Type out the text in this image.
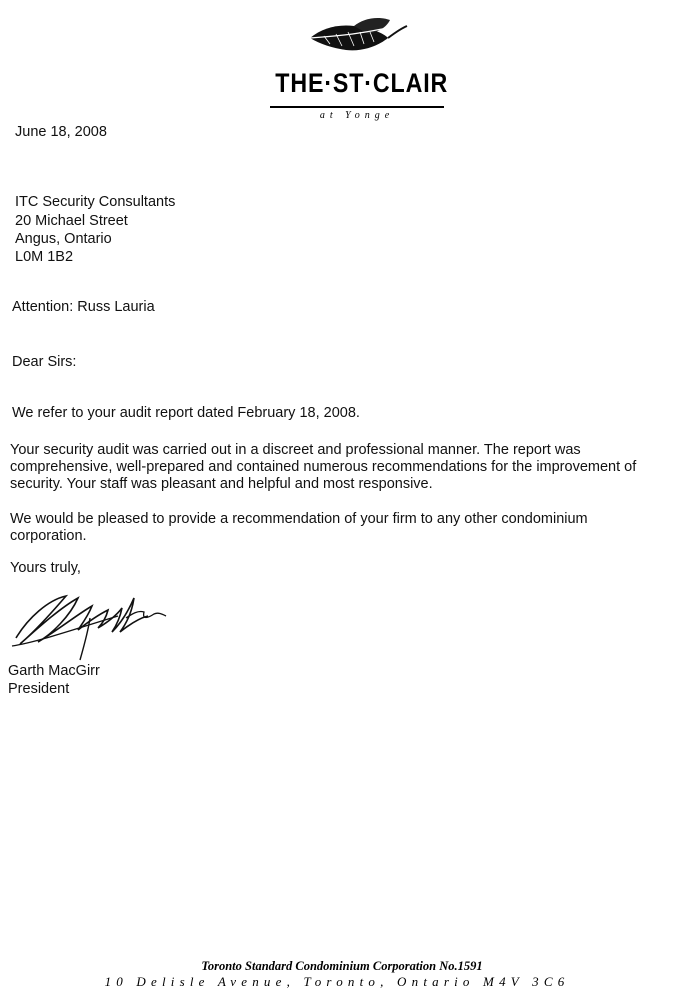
THE·ST·CLAIR
at Yonge
June 18, 2008
ITC Security Consultants
20 Michael Street
Angus, Ontario
L0M 1B2
Attention: Russ Lauria
Dear Sirs:
We refer to your audit report dated February 18, 2008.
Your security audit was carried out in a discreet and professional manner. The report was
comprehensive, well-prepared and contained numerous recommendations for the improvement of
security. Your staff was pleasant and helpful and most responsive.
We would be pleased to provide a recommendation of your firm to any other condominium
corporation.
Yours truly,
Garth MacGirr
President
Toronto Standard Condominium Corporation No.1591
10 Delisle Avenue, Toronto, Ontario M4V 3C6
